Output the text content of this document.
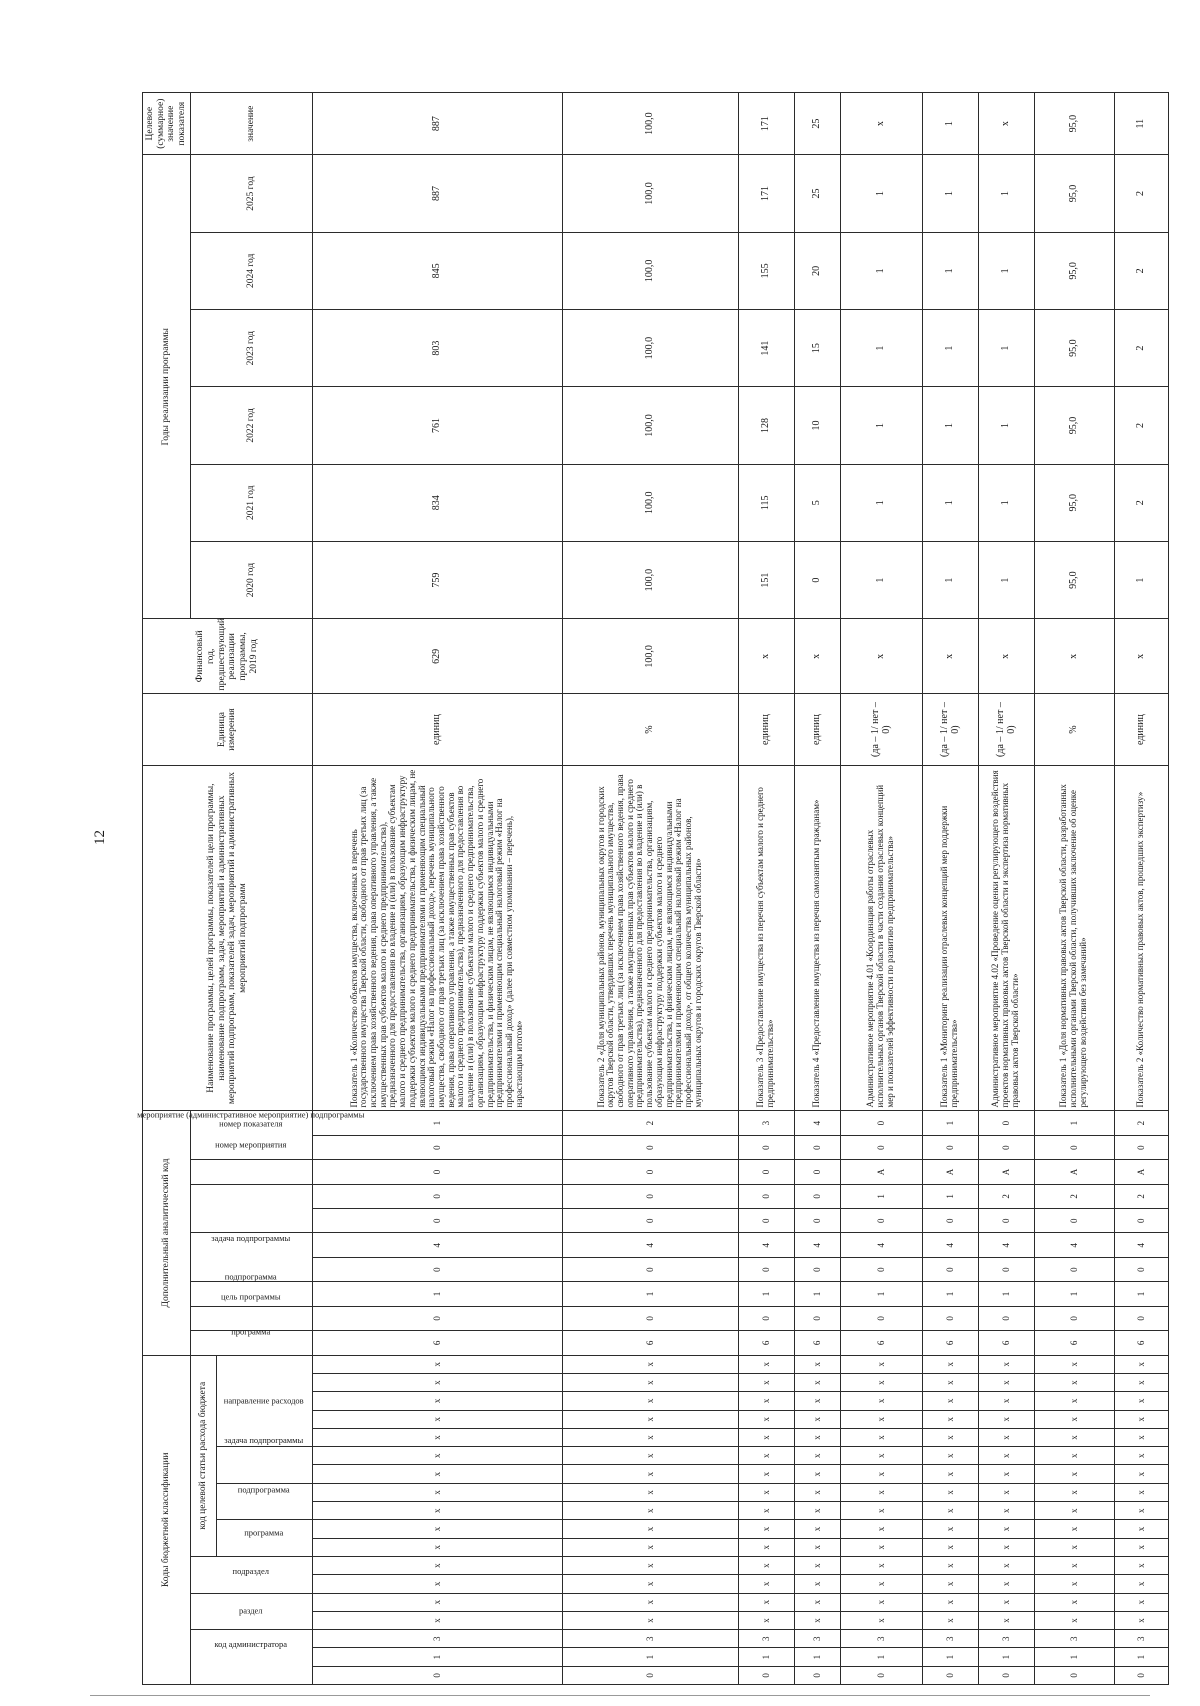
12
Коды бюджетной классификации																		Дополнительный аналитический код										Наименование программы, целей программы, показателей цели программы, наименование подпрограмм, задач, мероприятий и административных мероприятий подпрограмм, показателей задач, мероприятий и административных мероприятий подпрограмм	Единица измерения	Финансовый год, предшествующий реализации программы, 2019 год	Годы реализации программы						Целевое (суммарное) значение показателя
код администратора			раздел		подраздел		код целевой статьи расхода бюджета											программа	цель программы	подпрограмма	задача подпрограммы		мероприятие (административное мероприятие) подпрограммы		номер мероприятия	номер показателя					2020 год	2021 год	2022 год	2023 год	2024 год	2025 год	значение
							программа		подпрограмма		задача подпрограммы		направление расходов																								
0	1	3	х	х	х	х	х	х	х	х	х	х	х	х	х	х	х	6	0	1	0	4	0	0	0	0	1	Показатель 1 «Количество объектов имущества, включенных в перечень государственного имущества Тверской области, свободного от прав третьих лиц (за исключением права хозяйственного ведения, права оперативного управления, а также имущественных прав субъектов малого и среднего предпринимательства), предназначенного для предоставления во владение и (или) в пользование субъектам малого и среднего предпринимательства, организациям, образующим инфраструктуру поддержки субъектов малого и среднего предпринимательства, и физическим лицам, не являющимся индивидуальными предпринимателями и применяющим специальный налоговый режим «Налог на профессиональный доход», перечень муниципального имущества, свободного от прав третьих лиц (за исключением права хозяйственного ведения, права оперативного управления, а также имущественных прав субъектов малого и среднего предпринимательства), предназначенного для предоставления во владение и (или) в пользование субъектам малого и среднего предпринимательства, организациям, образующим инфраструктуру поддержки субъектов малого и среднего предпринимательства, и физическим лицам, не являющимся индивидуальными предпринимателями и применяющим специальный налоговый режим «Налог на профессиональный доход» (далее при совместном упоминании – перечень), нарастающим итогом»	единиц	629	759	834	761	803	845	887	887
0	1	3	х	х	х	х	х	х	х	х	х	х	х	х	х	х	х	6	0	1	0	4	0	0	0	0	2	Показатель 2 «Доля муниципальных районов, муниципальных округов и городских округов Тверской области, утвердивших перечень муниципального имущества, свободного от прав третьих лиц (за исключением права хозяйственного ведения, права оперативного управления, а также имущественных прав субъектов малого и среднего предпринимательства), предназначенного для предоставления во владение и (или) в пользование субъектам малого и среднего предпринимательства, организациям, образующим инфраструктуру поддержки субъектов малого и среднего предпринимательства, и физическим лицам, не являющимся индивидуальными предпринимателями и применяющим специальный налоговый режим «Налог на профессиональный доход», от общего количества муниципальных районов, муниципальных округов и городских округов Тверской области»	%	100,0	100,0	100,0	100,0	100,0	100,0	100,0	100,0
0	1	3	х	х	х	х	х	х	х	х	х	х	х	х	х	х	х	6	0	1	0	4	0	0	0	0	3	Показатель 3 «Предоставление имущества из перечня субъектам малого и среднего предпринимательства»	единиц	х	151	115	128	141	155	171	171
0	1	3	х	х	х	х	х	х	х	х	х	х	х	х	х	х	х	6	0	1	0	4	0	0	0	0	4	Показатель 4 «Предоставление имущества из перечня самозанятым гражданам»	единиц	х	0	5	10	15	20	25	25
0	1	3	х	х	х	х	х	х	х	х	х	х	х	х	х	х	х	6	0	1	0	4	0	1	А	0	0	Административное мероприятие 4.01 «Координация работы отраслевых исполнительных органов Тверской области в части создания отраслевых концепций мер и показателей эффективности по развитию предпринимательства»	(да – 1/ нет – 0)	х	1	1	1	1	1	1	х
0	1	3	х	х	х	х	х	х	х	х	х	х	х	х	х	х	х	6	0	1	0	4	0	1	А	0	1	Показатель 1 «Мониторинг реализации отраслевых концепций мер поддержки предпринимательства»	(да – 1/ нет – 0)	х	1	1	1	1	1	1	1
0	1	3	х	х	х	х	х	х	х	х	х	х	х	х	х	х	х	6	0	1	0	4	0	2	А	0	0	Административное мероприятие 4.02 «Проведение оценки регулирующего воздействия проектов нормативных правовых актов Тверской области и экспертиза нормативных правовых актов Тверской области»	(да – 1/ нет – 0)	х	1	1	1	1	1	1	х
0	1	3	х	х	х	х	х	х	х	х	х	х	х	х	х	х	х	6	0	1	0	4	0	2	А	0	1	Показатель 1 «Доля нормативных правовых актов Тверской области, разработанных исполнительными органами Тверской области, получивших заключение об оценке регулирующего воздействия без замечаний»	%	х	95,0	95,0	95,0	95,0	95,0	95,0	95,0
0	1	3	х	х	х	х	х	х	х	х	х	х	х	х	х	х	х	6	0	1	0	4	0	2	А	0	2	Показатель 2 «Количество нормативных правовых актов, прошедших экспертизу»	единиц	х	1	2	2	2	2	2	11
